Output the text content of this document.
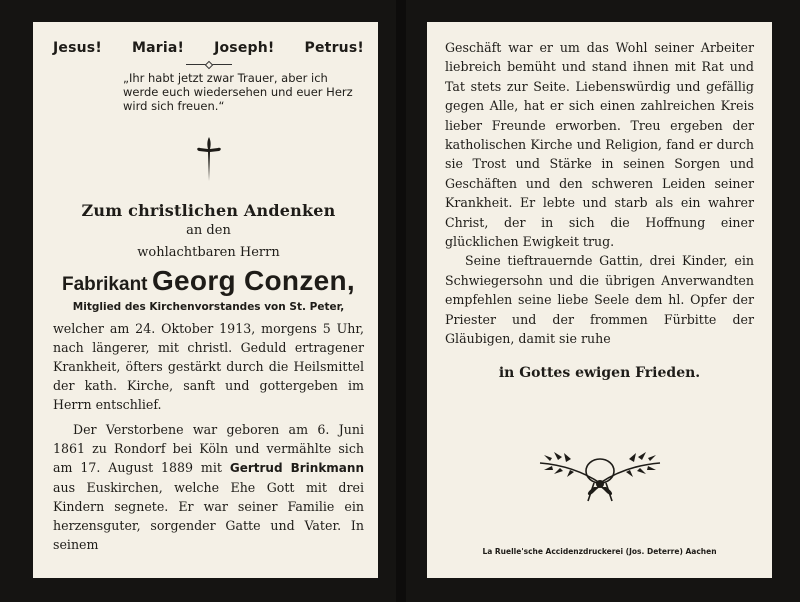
Jesus! Maria! Joseph! Petrus!
„Ihr habt jetzt zwar Trauer, aber ich werde euch wiedersehen und euer Herz wird sich freuen.“
Zum christlichen Andenken
an den
wohlachtbaren Herrn
Fabrikant Georg Conzen,
Mitglied des Kirchenvorstandes von St. Peter,

welcher am 24. Oktober 1913, morgens 5 Uhr, nach längerer, mit christl. Geduld ertragener Krankheit, öfters gestärkt durch die Heilsmittel der kath. Kirche, sanft und gottergeben im Herrn entschlief.

Der Verstorbene war geboren am 6. Juni 1861 zu Rondorf bei Köln und vermählte sich am 17. August 1889 mit Gertrud Brinkmann aus Euskirchen, welche Ehe Gott mit drei Kindern segnete. Er war seiner Familie ein herzensguter, sorgender Gatte und Vater. In seinem

Geschäft war er um das Wohl seiner Arbeiter liebreich bemüht und stand ihnen mit Rat und Tat stets zur Seite. Liebenswürdig und gefällig gegen Alle, hat er sich einen zahlreichen Kreis lieber Freunde erworben. Treu ergeben der katholischen Kirche und Religion, fand er durch sie Trost und Stärke in seinen Sorgen und Geschäften und den schweren Leiden seiner Krankheit. Er lebte und starb als ein wahrer Christ, der in sich die Hoffnung einer glücklichen Ewigkeit trug.

Seine tieftrauernde Gattin, drei Kinder, ein Schwiegersohn und die übrigen Anverwandten empfehlen seine liebe Seele dem hl. Opfer der Priester und der frommen Fürbitte der Gläubigen, damit sie ruhe

in Gottes ewigen Frieden.
La Ruelle'sche Accidenzdruckerei (Jos. Deterre) Aachen
